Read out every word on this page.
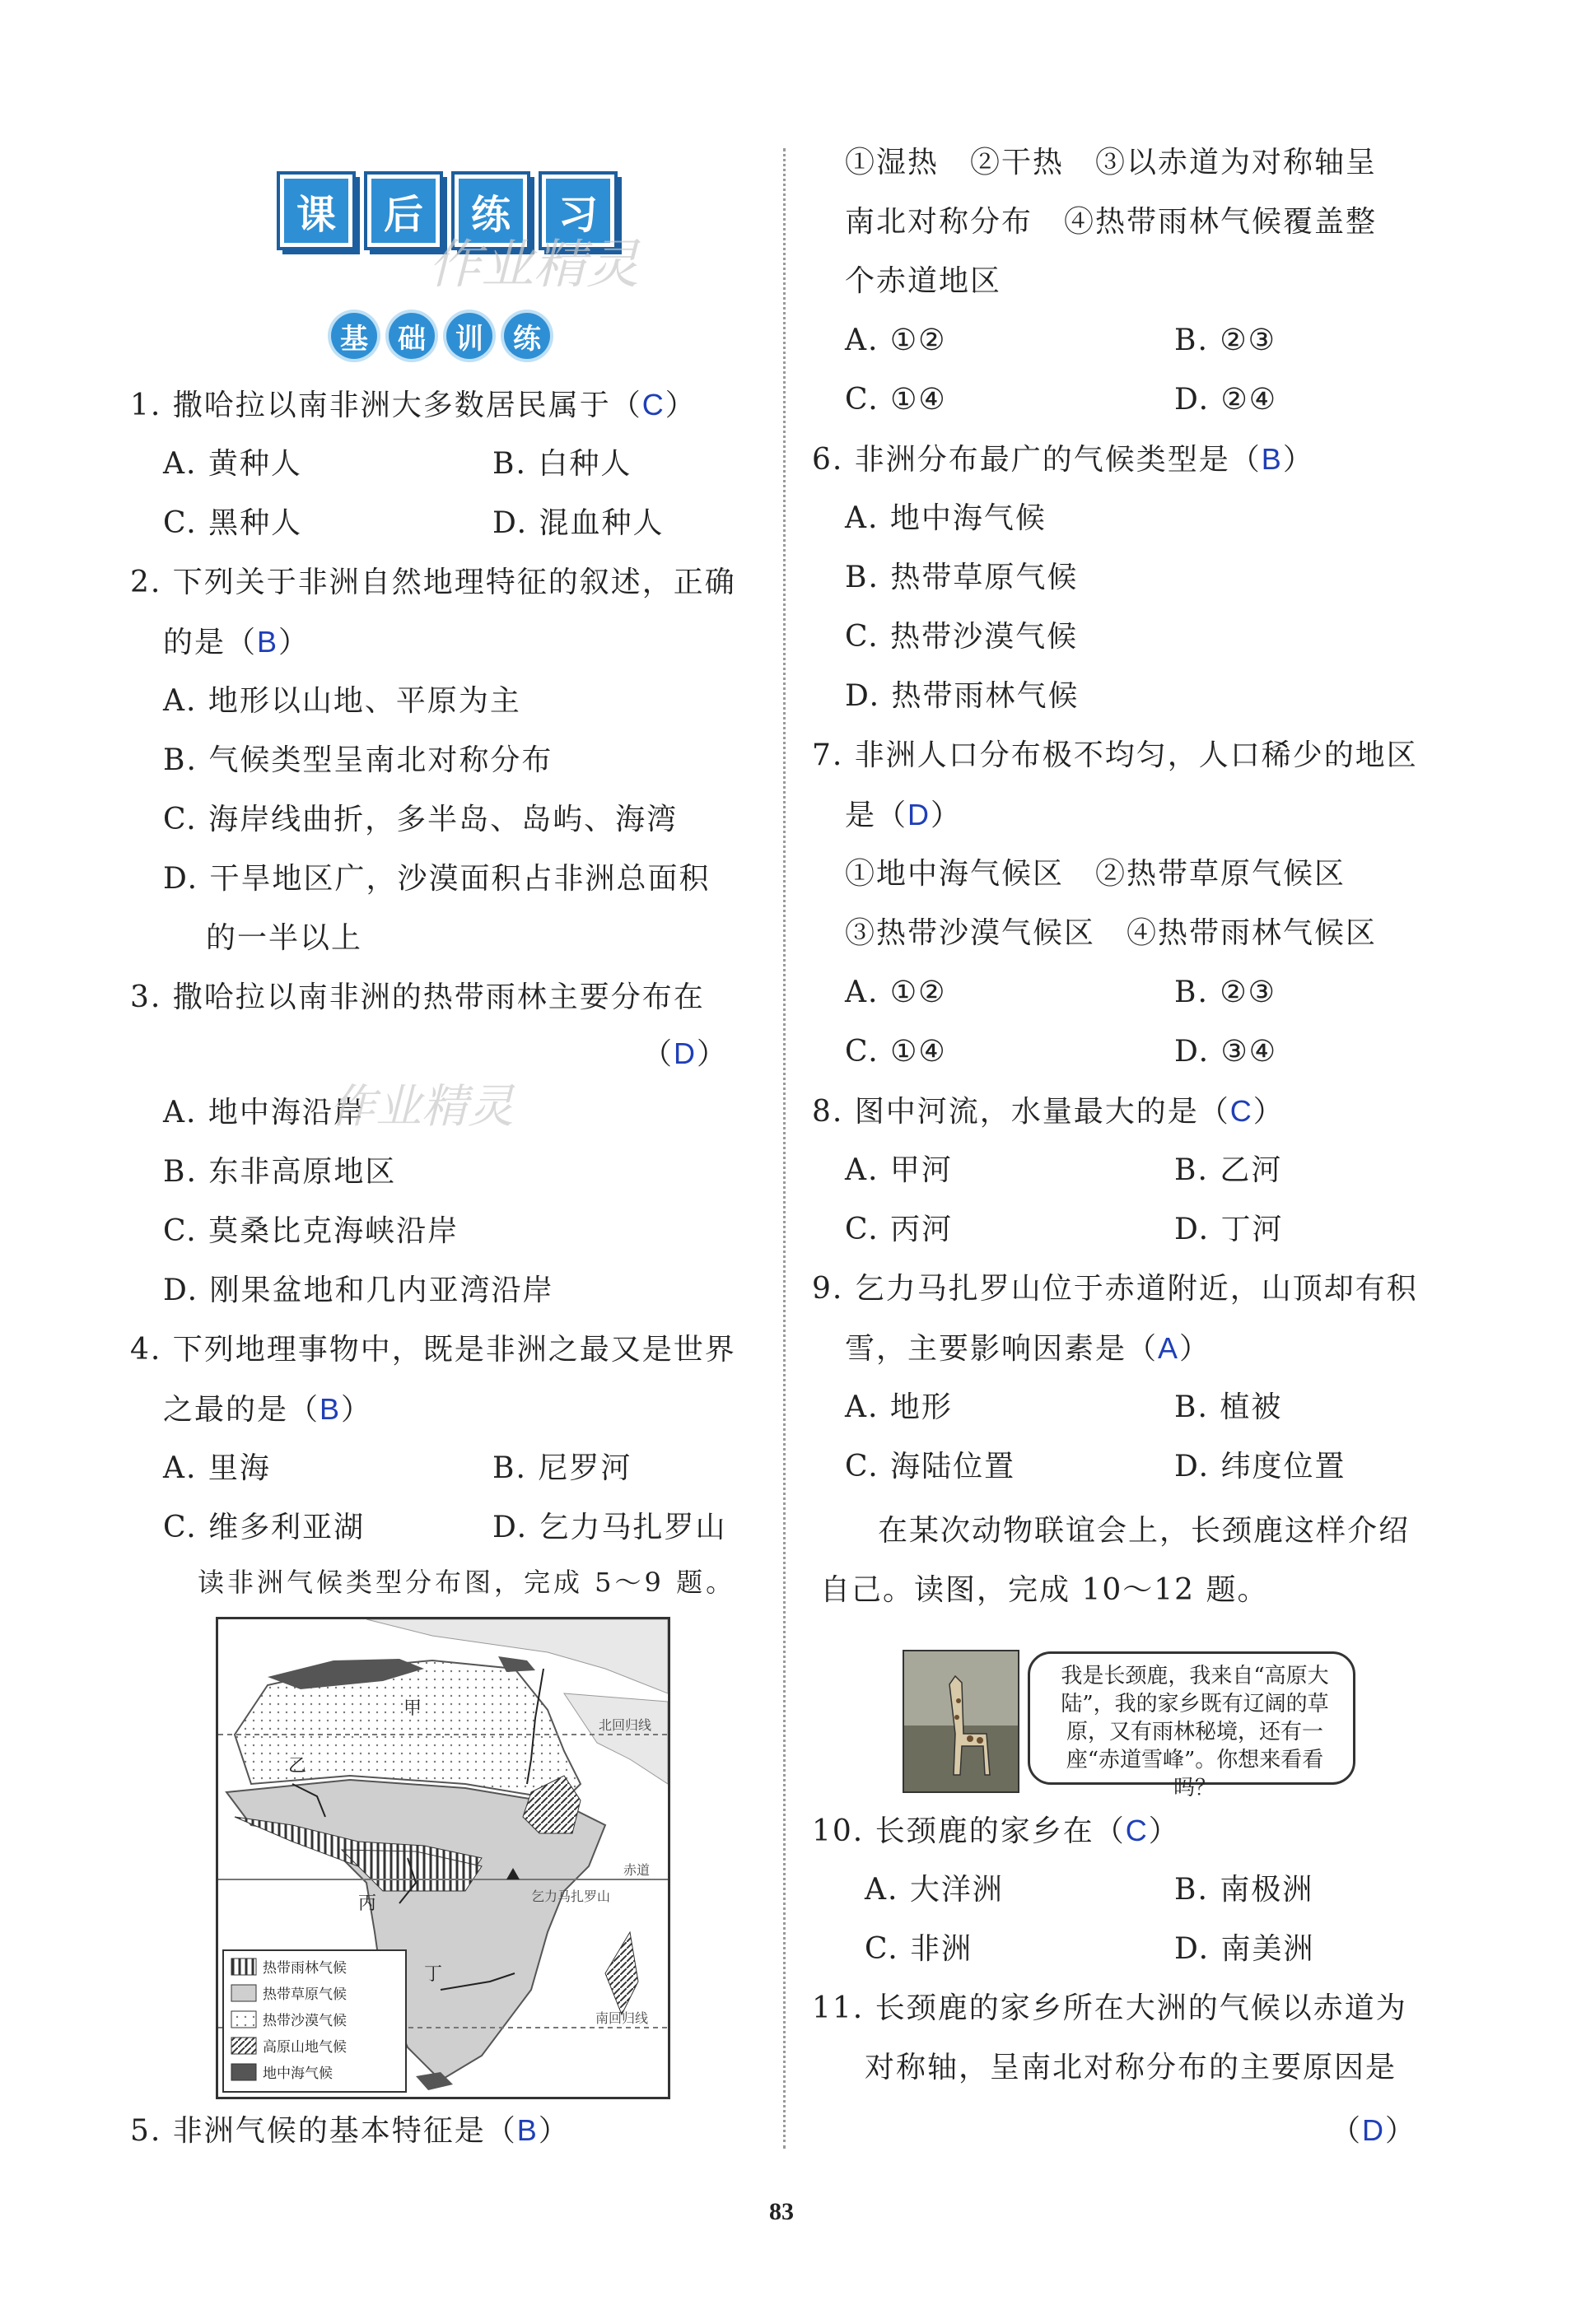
课	后	练	习
作业精灵
基	础	训	练
1. 撒哈拉以南非洲大多数居民属于（C）
A. 黄种人	B. 白种人
C. 黑种人	D. 混血种人
2. 下列关于非洲自然地理特征的叙述，正确
的是（B）
A. 地形以山地、平原为主
B. 气候类型呈南北对称分布
C. 海岸线曲折，多半岛、岛屿、海湾
D. 干旱地区广，沙漠面积占非洲总面积
的一半以上
3. 撒哈拉以南非洲的热带雨林主要分布在
（D）
A. 地中海沿岸
作业精灵
B. 东非高原地区
C. 莫桑比克海峡沿岸
D. 刚果盆地和几内亚湾沿岸
4. 下列地理事物中，既是非洲之最又是世界
之最的是（B）
A. 里海	B. 尼罗河
C. 维多利亚湖	D. 乞力马扎罗山
读非洲气候类型分布图，完成 5～9 题。
甲
乙
丙
丁
北回归线
赤道
乞力马扎罗山
南回归线
热带雨林气候
热带草原气候
热带沙漠气候
高原山地气候
地中海气候
5. 非洲气候的基本特征是（B）
①湿热　②干热　③以赤道为对称轴呈
南北对称分布　④热带雨林气候覆盖整
个赤道地区
A. ①②	B. ②③
C. ①④	D. ②④
6. 非洲分布最广的气候类型是（B）
A. 地中海气候
B. 热带草原气候
C. 热带沙漠气候
D. 热带雨林气候
7. 非洲人口分布极不均匀，人口稀少的地区
是（D）
①地中海气候区　②热带草原气候区
③热带沙漠气候区　④热带雨林气候区
A. ①②	B. ②③
C. ①④	D. ③④
8. 图中河流，水量最大的是（C）
A. 甲河	B. 乙河
C. 丙河	D. 丁河
9. 乞力马扎罗山位于赤道附近，山顶却有积
雪，主要影响因素是（A）
A. 地形	B. 植被
C. 海陆位置	D. 纬度位置
在某次动物联谊会上，长颈鹿这样介绍
自己。读图，完成 10～12 题。
我是长颈鹿，我来自“高原大陆”，我的家乡既有辽阔的草原，又有雨林秘境，还有一座“赤道雪峰”。你想来看看吗？
10. 长颈鹿的家乡在（C）
A. 大洋洲	B. 南极洲
C. 非洲	D. 南美洲
11. 长颈鹿的家乡所在大洲的气候以赤道为
对称轴，呈南北对称分布的主要原因是
（D）
83
